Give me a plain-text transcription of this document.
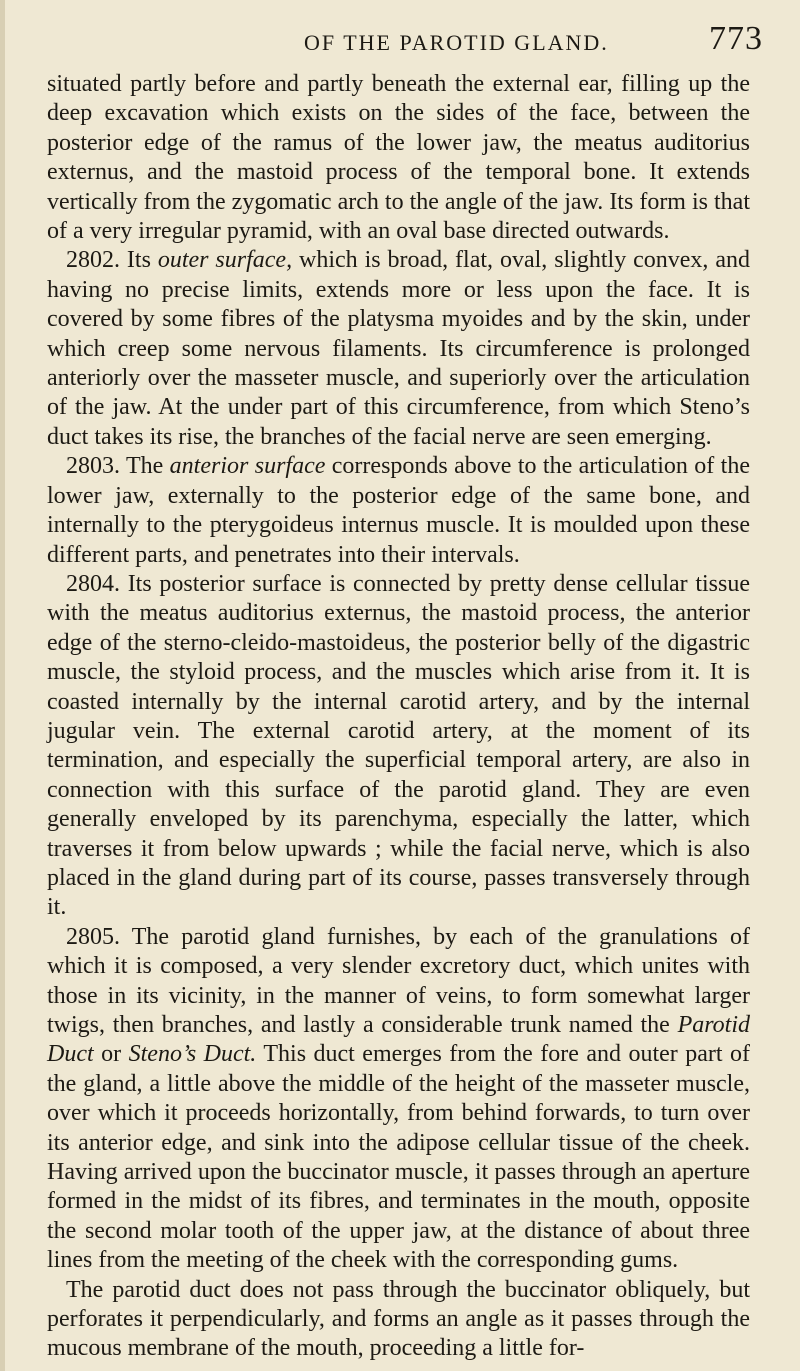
OF THE PAROTID GLAND.	773

situated partly before and partly beneath the external ear, filling up the deep excavation which exists on the sides of the face, between the posterior edge of the ramus of the lower jaw, the meatus auditorius externus, and the mastoid process of the temporal bone. It extends vertically from the zygomatic arch to the angle of the jaw. Its form is that of a very irregular pyramid, with an oval base directed outwards.

2802. Its outer surface, which is broad, flat, oval, slightly convex, and having no precise limits, extends more or less upon the face. It is covered by some fibres of the platysma myoides and by the skin, under which creep some nervous filaments. Its circumference is prolonged anteriorly over the masseter muscle, and superiorly over the articulation of the jaw. At the under part of this circumference, from which Steno’s duct takes its rise, the branches of the facial nerve are seen emerging.

2803. The anterior surface corresponds above to the articulation of the lower jaw, externally to the posterior edge of the same bone, and internally to the pterygoideus internus muscle. It is moulded upon these different parts, and penetrates into their intervals.

2804. Its posterior surface is connected by pretty dense cellular tissue with the meatus auditorius externus, the mastoid process, the anterior edge of the sterno-cleido-mastoideus, the posterior belly of the digastric muscle, the styloid process, and the muscles which arise from it. It is coasted internally by the internal carotid artery, and by the internal jugular vein. The external carotid artery, at the moment of its termination, and especially the superficial temporal artery, are also in connection with this surface of the parotid gland. They are even generally enveloped by its parenchyma, especially the latter, which traverses it from below upwards ; while the facial nerve, which is also placed in the gland during part of its course, passes transversely through it.

2805. The parotid gland furnishes, by each of the granulations of which it is composed, a very slender excretory duct, which unites with those in its vicinity, in the manner of veins, to form somewhat larger twigs, then branches, and lastly a considerable trunk named the Parotid Duct or Steno’s Duct. This duct emerges from the fore and outer part of the gland, a little above the middle of the height of the masseter muscle, over which it proceeds horizontally, from behind forwards, to turn over its anterior edge, and sink into the adipose cellular tissue of the cheek. Having arrived upon the buccinator muscle, it passes through an aperture formed in the midst of its fibres, and terminates in the mouth, opposite the second molar tooth of the upper jaw, at the distance of about three lines from the meeting of the cheek with the corresponding gums.

The parotid duct does not pass through the buccinator obliquely, but perforates it perpendicularly, and forms an angle as it passes through the mucous membrane of the mouth, proceeding a little for-
